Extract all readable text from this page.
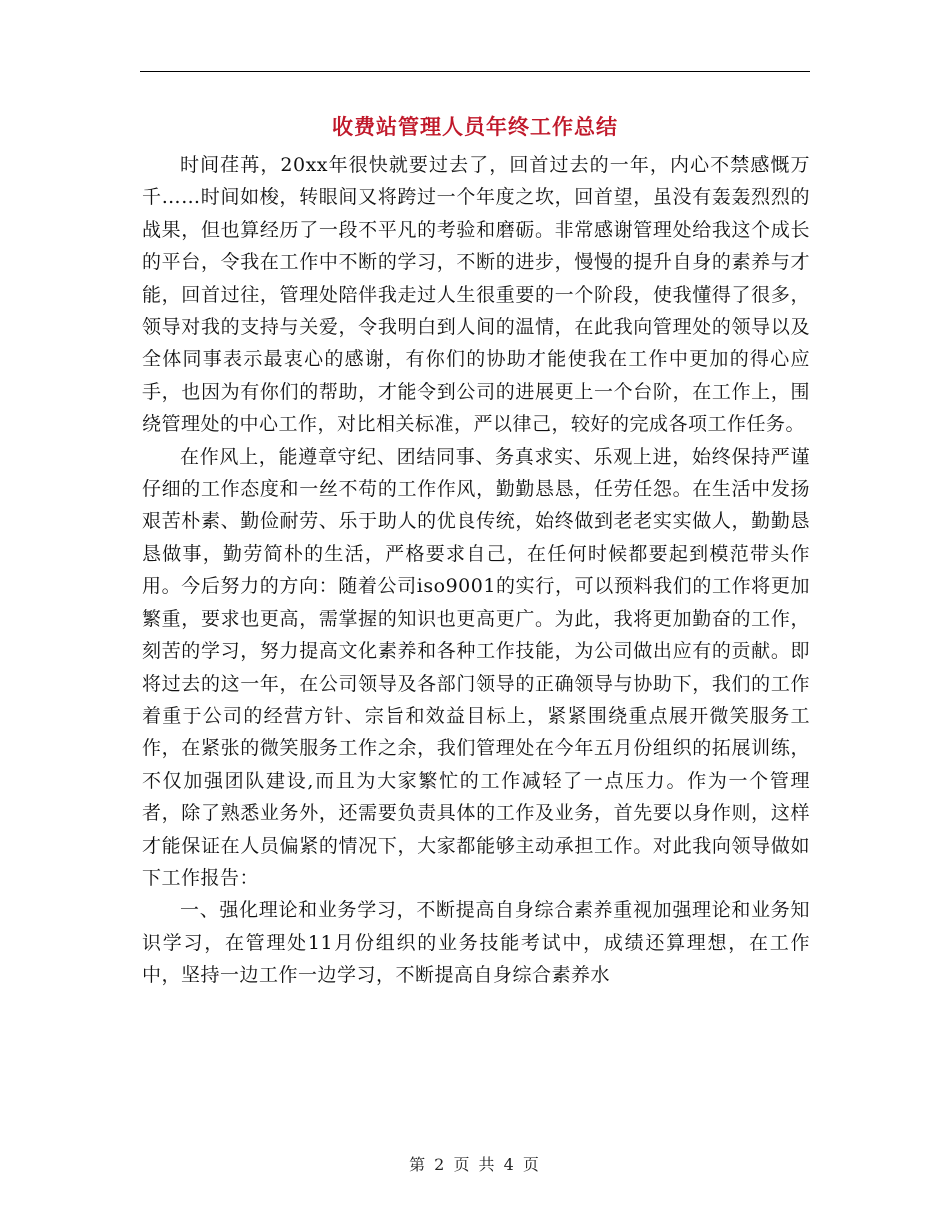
收费站管理人员年终工作总结

时间荏苒，20xx年很快就要过去了，回首过去的一年，内心不禁感慨万千……时间如梭，转眼间又将跨过一个年度之坎，回首望，虽没有轰轰烈烈的战果，但也算经历了一段不平凡的考验和磨砺。非常感谢管理处给我这个成长的平台，令我在工作中不断的学习，不断的进步，慢慢的提升自身的素养与才能，回首过往，管理处陪伴我走过人生很重要的一个阶段，使我懂得了很多，领导对我的支持与关爱，令我明白到人间的温情，在此我向管理处的领导以及全体同事表示最衷心的感谢，有你们的协助才能使我在工作中更加的得心应手，也因为有你们的帮助，才能令到公司的进展更上一个台阶，在工作上，围绕管理处的中心工作，对比相关标准，严以律己，较好的完成各项工作任务。

在作风上，能遵章守纪、团结同事、务真求实、乐观上进，始终保持严谨仔细的工作态度和一丝不苟的工作作风，勤勤恳恳，任劳任怨。在生活中发扬艰苦朴素、勤俭耐劳、乐于助人的优良传统，始终做到老老实实做人，勤勤恳恳做事，勤劳简朴的生活，严格要求自己，在任何时候都要起到模范带头作用。今后努力的方向：随着公司iso9001的实行，可以预料我们的工作将更加繁重，要求也更高，需掌握的知识也更高更广。为此，我将更加勤奋的工作，刻苦的学习，努力提高文化素养和各种工作技能，为公司做出应有的贡献。即将过去的这一年，在公司领导及各部门领导的正确领导与协助下，我们的工作着重于公司的经营方针、宗旨和效益目标上，紧紧围绕重点展开微笑服务工作，在紧张的微笑服务工作之余，我们管理处在今年五月份组织的拓展训练，不仅加强团队建设,而且为大家繁忙的工作减轻了一点压力。作为一个管理者，除了熟悉业务外，还需要负责具体的工作及业务，首先要以身作则，这样才能保证在人员偏紧的情况下，大家都能够主动承担工作。对此我向领导做如下工作报告：

一、强化理论和业务学习，不断提高自身综合素养重视加强理论和业务知识学习，在管理处11月份组织的业务技能考试中，成绩还算理想，在工作中，坚持一边工作一边学习，不断提高自身综合素养水

第 2 页 共 4 页
